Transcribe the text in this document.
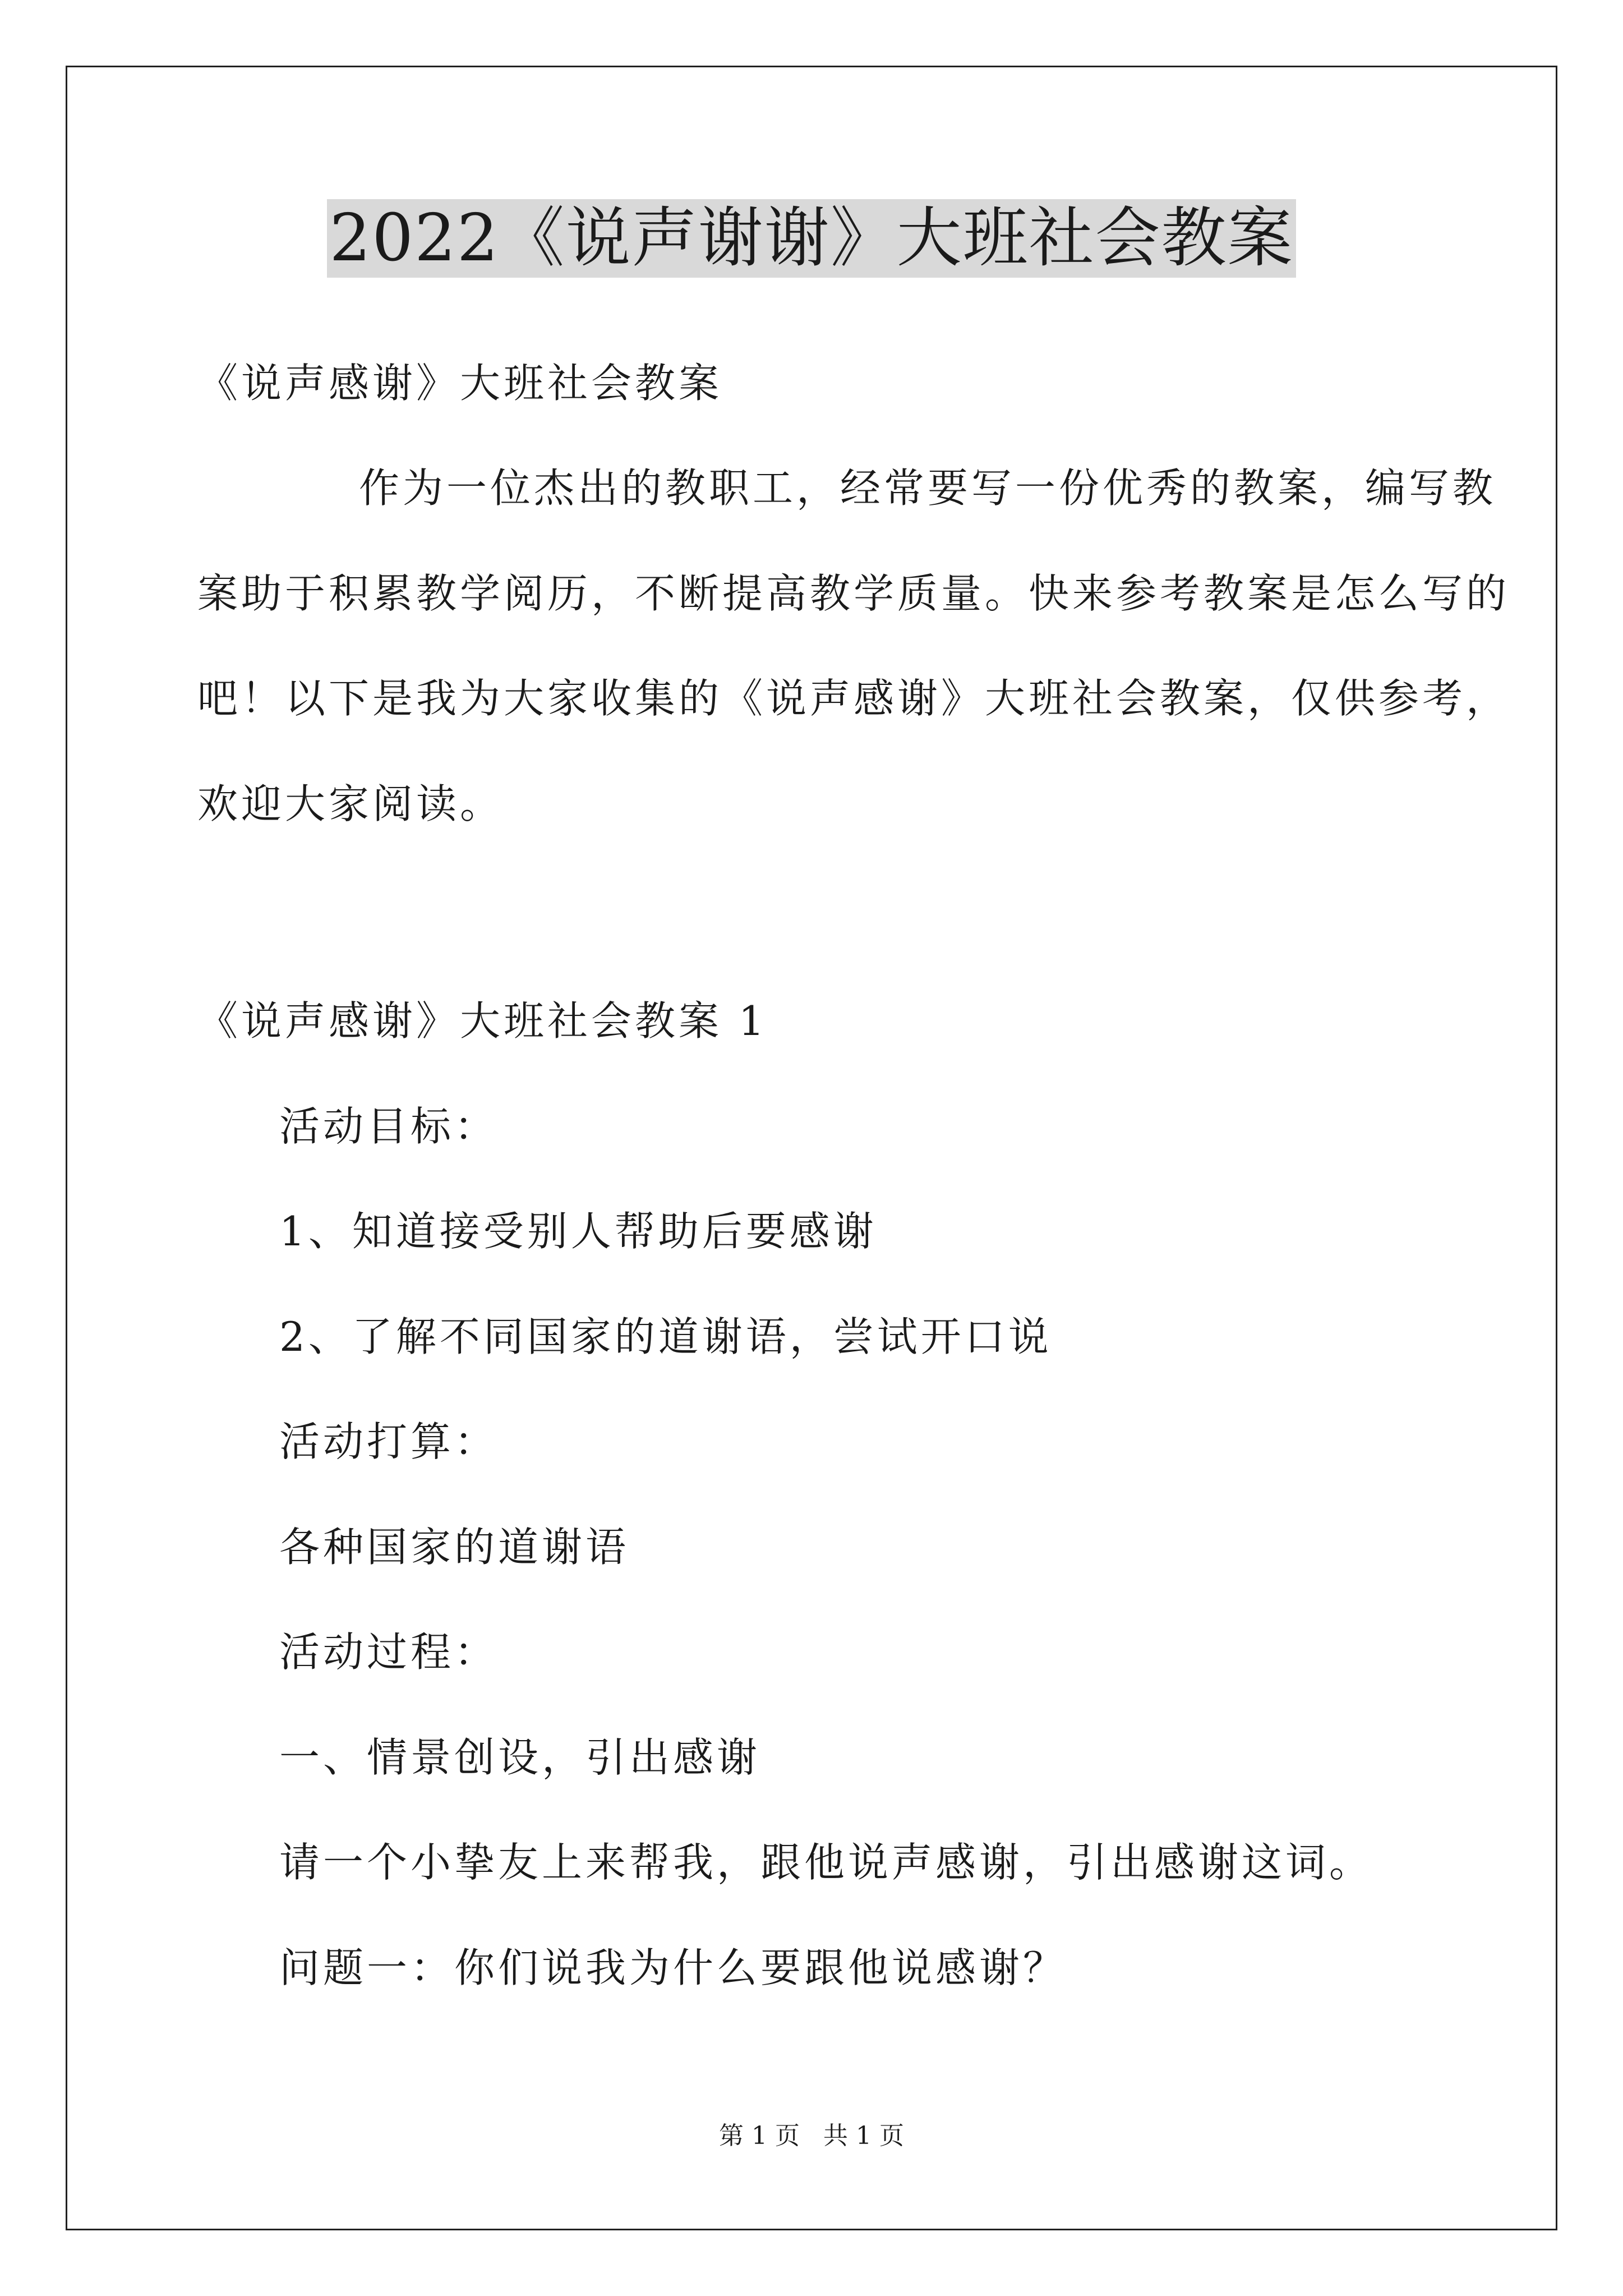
2022《说声谢谢》大班社会教案
《说声感谢》大班社会教案
作为一位杰出的教职工，经常要写一份优秀的教案，编写教
案助于积累教学阅历，不断提高教学质量。快来参考教案是怎么写的
吧！以下是我为大家收集的《说声感谢》大班社会教案，仅供参考，
欢迎大家阅读。
《说声感谢》大班社会教案 1
活动目标：
1、知道接受别人帮助后要感谢
2、了解不同国家的道谢语，尝试开口说
活动打算：
各种国家的道谢语
活动过程：
一、情景创设，引出感谢
请一个小挚友上来帮我，跟他说声感谢，引出感谢这词。
问题一：你们说我为什么要跟他说感谢？
第 1 页 共 1 页
